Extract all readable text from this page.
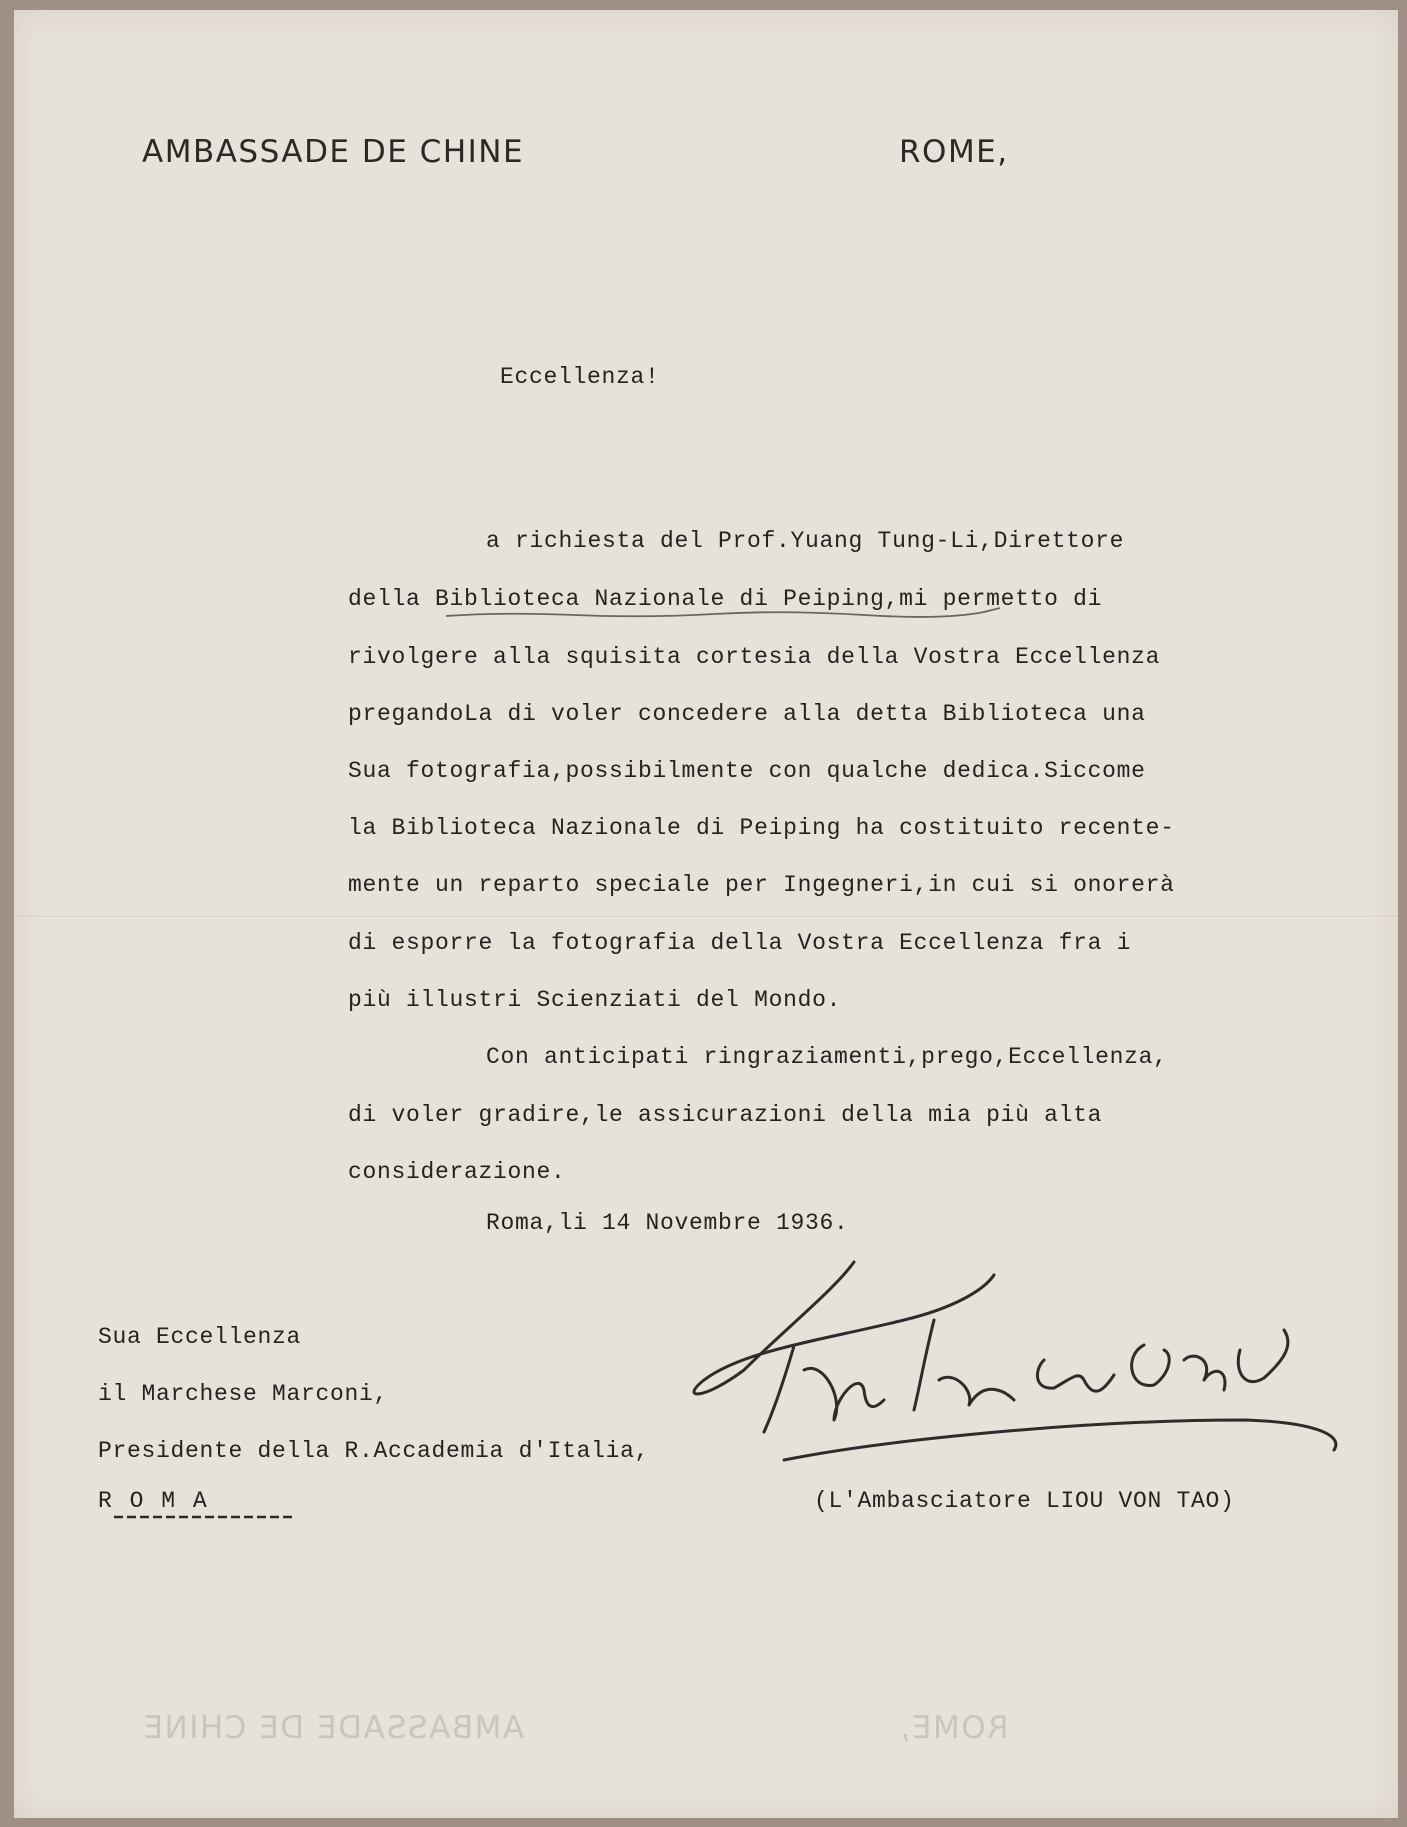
AMBASSADE DE CHINE	ROME,
Eccellenza!
a richiesta del Prof.Yuang Tung-Li,Direttore
della Biblioteca Nazionale di Peiping,mi permetto di
rivolgere alla squisita cortesia della Vostra Eccellenza
pregandoLa di voler concedere alla detta Biblioteca una
Sua fotografia,possibilmente con qualche dedica.Siccome
la Biblioteca Nazionale di Peiping ha costituito recente-
mente un reparto speciale per Ingegneri,in cui si onorerà
di esporre la fotografia della Vostra Eccellenza fra i
più illustri Scienziati del Mondo.
Con anticipati ringraziamenti,prego,Eccellenza,
di voler gradire,le assicurazioni della mia più alta
considerazione.
Roma,li 14 Novembre 1936.
Sua Eccellenza
il Marchese Marconi,
Presidente della R.Accademia d'Italia,
R O M A	(L'Ambasciatore LIOU VON TAO)
AMBASSADE DE CHINE	ROME,
